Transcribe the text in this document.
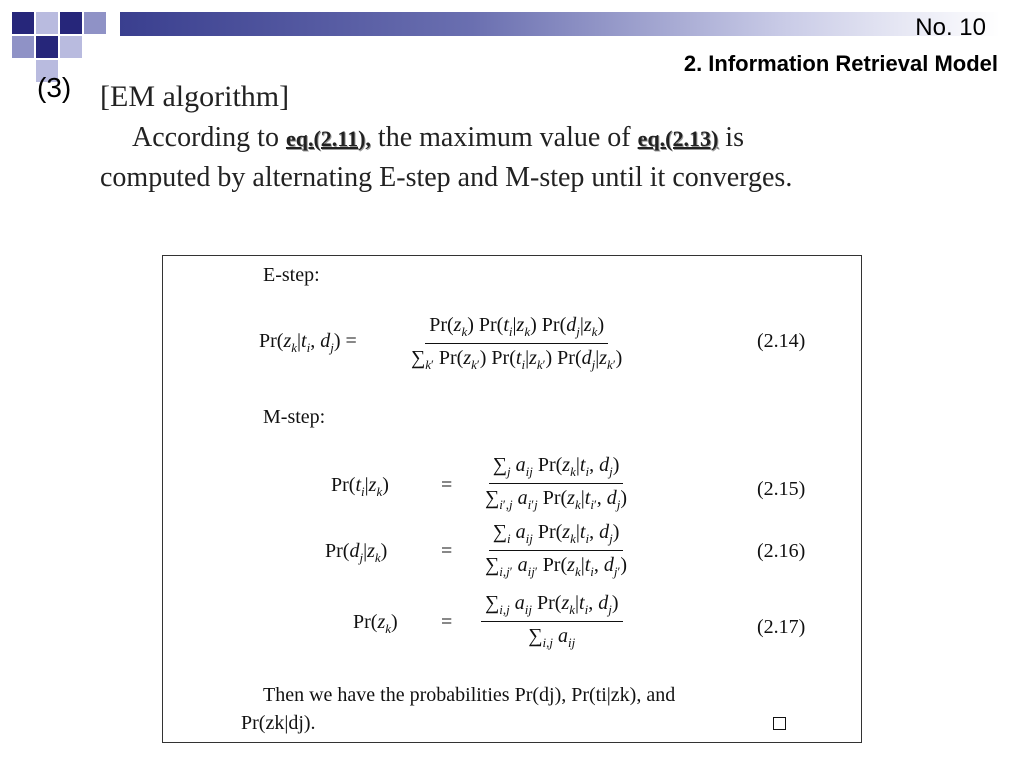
No. 10
2. Information Retrieval Model
(3) [EM algorithm]
According to eq.(2.11), the maximum value of eq.(2.13) is computed by alternating E-step and M-step until it converges.
E-step:
$Pr(z_k|t_i$, $d_j$) =	$\frac{Pr(z_k) Pr(t_i|z_k) Pr(d_j|z_k)}{\sum_{k'} Pr(z_{k'}) Pr(t_i|z_{k'}) Pr(d_j|z_{k'})}$	(2.14)
M-step:
$Pr(t_i|z_k)$	=
$\sum_j$ $a_{ij}$ $Pr(z_k|t_i$, $d_j$)
$\sum_{i',j}$ $a_{i'j}$ $Pr(z_k|t_{i'}$, $d_j$)	(2.15)
$Pr(d_j|z_k)$	=
$\sum_i$ $a_{ij}$ $Pr(z_k|t_i$, $d_j$)
$\sum_{i,j'}$ $a_{ij'}$ $Pr(z_k|t_i$, $d_{j'}$)
(2.16)
$Pr(z_k)$ =
$\sum_{i,j}$ $a_{ij}$ $Pr(z_k|t_i$, $d_j$)
$\sum_{i,j}$ $a_{ij}$
(2.17)
Then we have the probabilities Pr(dj), Pr(ti|zk), and
Pr(zk|dj).
